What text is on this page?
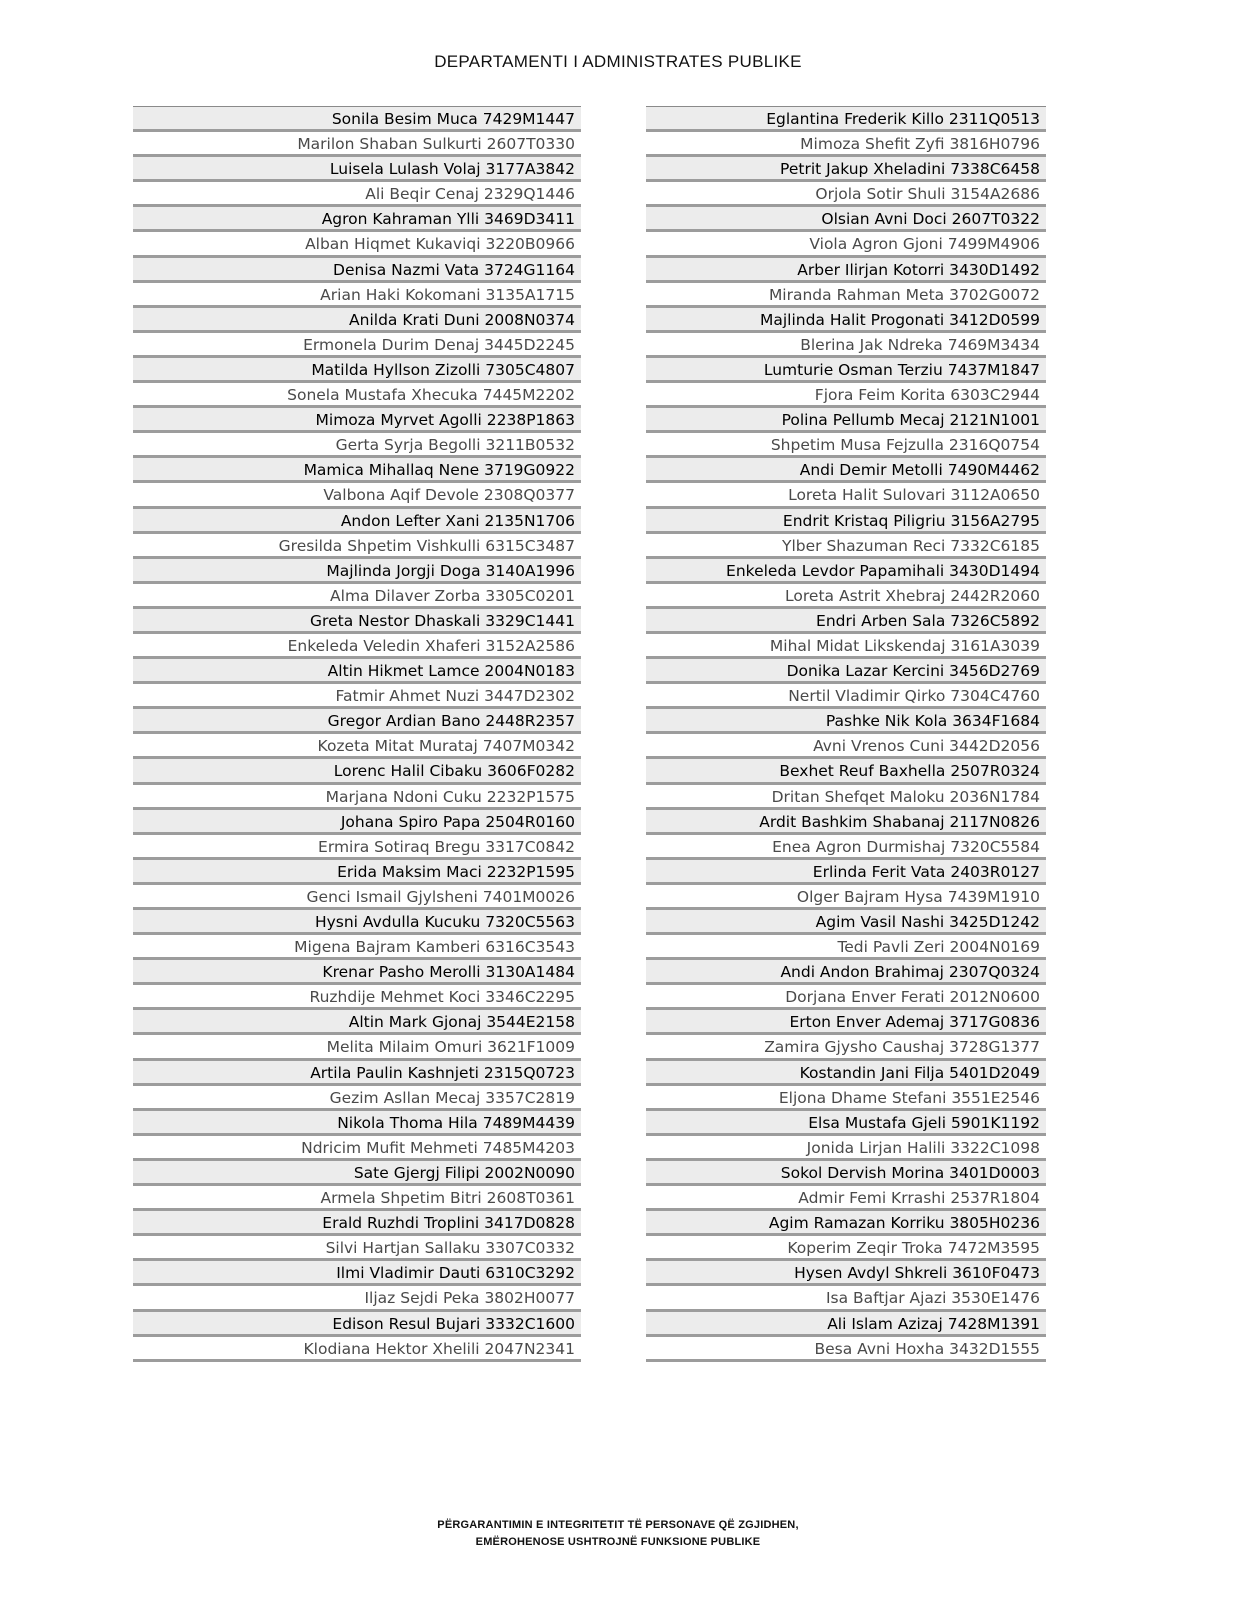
DEPARTAMENTI I ADMINISTRATES PUBLIKE
Sonila Besim Muca 7429M1447
Marilon Shaban Sulkurti 2607T0330
Luisela Lulash Volaj 3177A3842
Ali Beqir Cenaj 2329Q1446
Agron Kahraman Ylli 3469D3411
Alban Hiqmet Kukaviqi 3220B0966
Denisa Nazmi Vata 3724G1164
Arian Haki Kokomani 3135A1715
Anilda Krati Duni 2008N0374
Ermonela Durim Denaj 3445D2245
Matilda Hyllson Zizolli 7305C4807
Sonela Mustafa Xhecuka 7445M2202
Mimoza Myrvet Agolli 2238P1863
Gerta Syrja Begolli 3211B0532
Mamica Mihallaq Nene 3719G0922
Valbona Aqif Devole 2308Q0377
Andon Lefter Xani 2135N1706
Gresilda Shpetim Vishkulli 6315C3487
Majlinda Jorgji Doga 3140A1996
Alma Dilaver Zorba 3305C0201
Greta Nestor Dhaskali 3329C1441
Enkeleda Veledin Xhaferi 3152A2586
Altin Hikmet Lamce 2004N0183
Fatmir Ahmet Nuzi 3447D2302
Gregor Ardian Bano 2448R2357
Kozeta Mitat Murataj 7407M0342
Lorenc Halil Cibaku 3606F0282
Marjana Ndoni Cuku 2232P1575
Johana Spiro Papa 2504R0160
Ermira Sotiraq Bregu 3317C0842
Erida Maksim Maci 2232P1595
Genci Ismail Gjylsheni 7401M0026
Hysni Avdulla Kucuku 7320C5563
Migena Bajram Kamberi 6316C3543
Krenar Pasho Merolli 3130A1484
Ruzhdije Mehmet Koci 3346C2295
Altin Mark Gjonaj 3544E2158
Melita Milaim Omuri 3621F1009
Artila Paulin Kashnjeti 2315Q0723
Gezim Asllan Mecaj 3357C2819
Nikola Thoma Hila 7489M4439
Ndricim Mufit Mehmeti 7485M4203
Sate Gjergj Filipi 2002N0090
Armela Shpetim Bitri 2608T0361
Erald Ruzhdi Troplini 3417D0828
Silvi Hartjan Sallaku 3307C0332
Ilmi Vladimir Dauti 6310C3292
Iljaz Sejdi Peka 3802H0077
Edison Resul Bujari 3332C1600
Klodiana Hektor Xhelili 2047N2341
Eglantina Frederik Killo 2311Q0513
Mimoza Shefit Zyfi 3816H0796
Petrit Jakup Xheladini 7338C6458
Orjola Sotir Shuli 3154A2686
Olsian Avni Doci 2607T0322
Viola Agron Gjoni 7499M4906
Arber Ilirjan Kotorri 3430D1492
Miranda Rahman Meta 3702G0072
Majlinda Halit Progonati 3412D0599
Blerina Jak Ndreka 7469M3434
Lumturie Osman Terziu 7437M1847
Fjora Feim Korita 6303C2944
Polina Pellumb Mecaj 2121N1001
Shpetim Musa Fejzulla 2316Q0754
Andi Demir Metolli 7490M4462
Loreta Halit Sulovari 3112A0650
Endrit Kristaq Piligriu 3156A2795
Ylber Shazuman Reci 7332C6185
Enkeleda Levdor Papamihali 3430D1494
Loreta Astrit Xhebraj 2442R2060
Endri Arben Sala 7326C5892
Mihal Midat Likskendaj 3161A3039
Donika Lazar Kercini 3456D2769
Nertil Vladimir Qirko 7304C4760
Pashke Nik Kola 3634F1684
Avni Vrenos Cuni 3442D2056
Bexhet Reuf Baxhella 2507R0324
Dritan Shefqet Maloku 2036N1784
Ardit Bashkim Shabanaj 2117N0826
Enea Agron Durmishaj 7320C5584
Erlinda Ferit Vata 2403R0127
Olger Bajram Hysa 7439M1910
Agim Vasil Nashi 3425D1242
Tedi Pavli Zeri 2004N0169
Andi Andon Brahimaj 2307Q0324
Dorjana Enver Ferati 2012N0600
Erton Enver Ademaj 3717G0836
Zamira Gjysho Caushaj 3728G1377
Kostandin Jani Filja 5401D2049
Eljona Dhame Stefani 3551E2546
Elsa Mustafa Gjeli 5901K1192
Jonida Lirjan Halili 3322C1098
Sokol Dervish Morina 3401D0003
Admir Femi Krrashi 2537R1804
Agim Ramazan Korriku 3805H0236
Koperim Zeqir Troka 7472M3595
Hysen Avdyl Shkreli 3610F0473
Isa Baftjar Ajazi 3530E1476
Ali Islam Azizaj 7428M1391
Besa Avni Hoxha 3432D1555
PËRGARANTIMIN E INTEGRITETIT TË PERSONAVE QË ZGJIDHEN,
EMËROHENOSE USHTROJNË FUNKSIONE PUBLIKE
